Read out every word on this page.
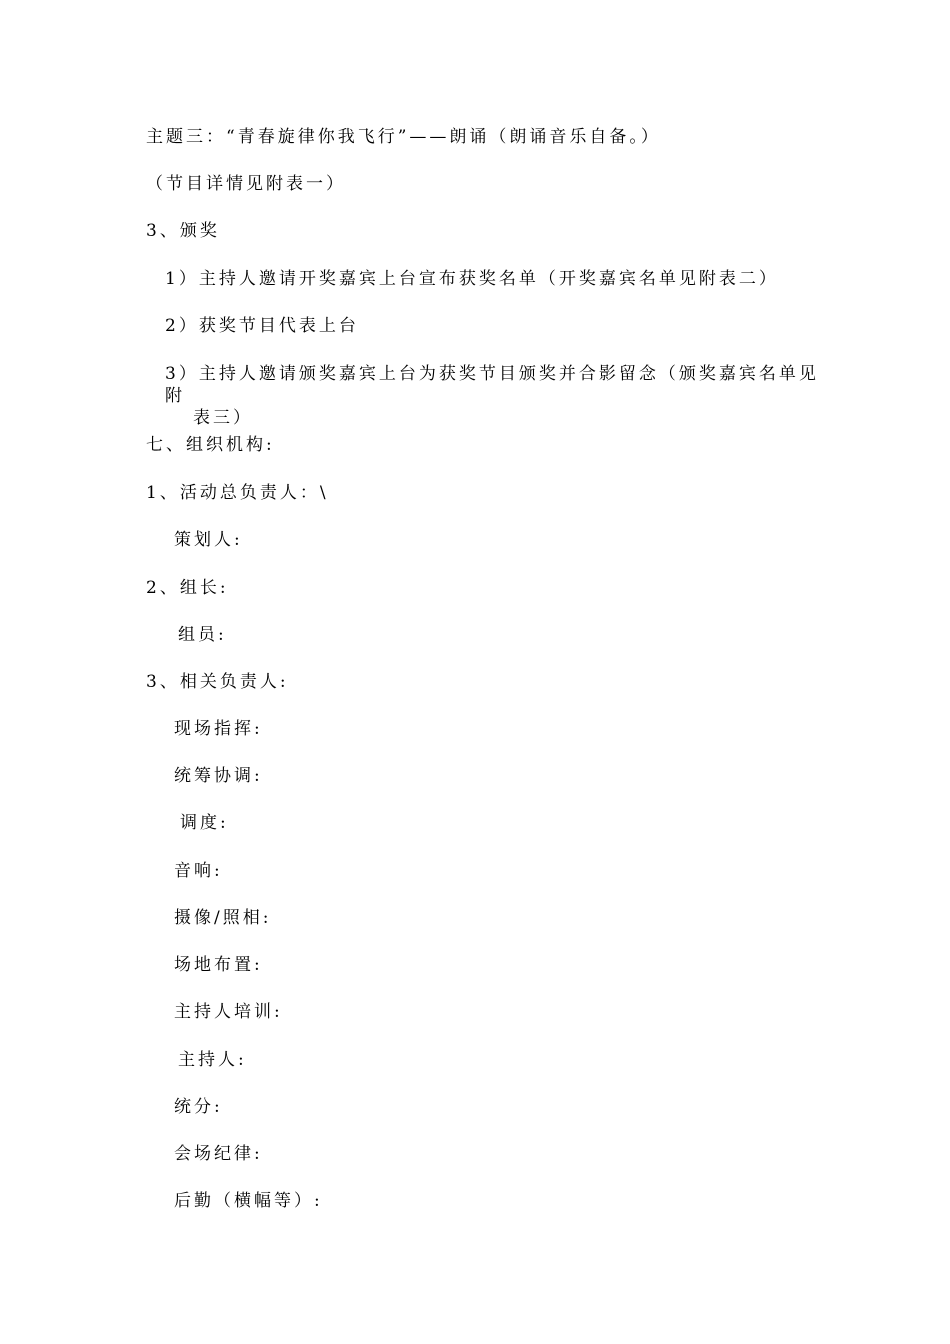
主题三：“青春旋律你我飞行”——朗诵（朗诵音乐自备。）
（节目详情见附表一）
3、颁奖
1）主持人邀请开奖嘉宾上台宣布获奖名单（开奖嘉宾名单见附表二）
2）获奖节目代表上台
3）主持人邀请颁奖嘉宾上台为获奖节目颁奖并合影留念（颁奖嘉宾名单见附
表三）
七、组织机构:
1、活动总负责人：\
策划人:
2、组长:
组员:
3、相关负责人:
现场指挥:
统筹协调:
调度:
音响:
摄像/照相:
场地布置:
主持人培训:
主持人:
统分:
会场纪律:
后勤（横幅等）:
